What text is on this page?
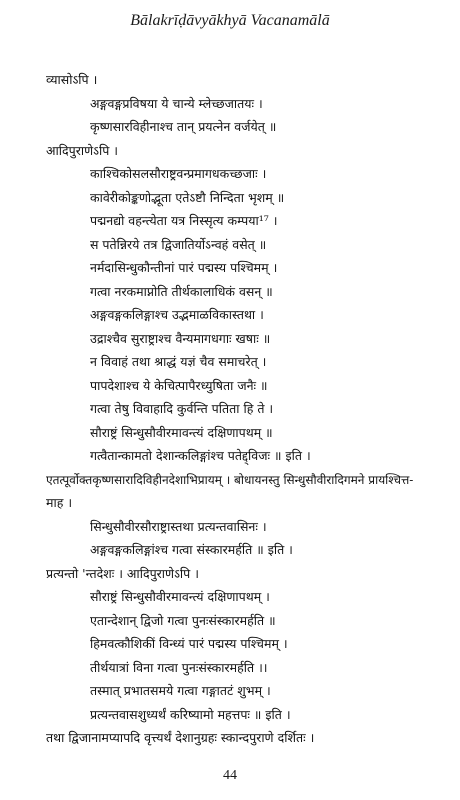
Bālakrīḍāvyākhyā Vacanamālā
व्यासोऽपि ।
अङ्गवङ्गप्रविषया ये चान्ये म्लेच्छजातयः ।
कृष्णसारविहीनाश्च तान् प्रयत्नेन वर्जयेत् ॥
आदिपुराणेऽपि ।
काश्चिकोसलसौराष्ट्रवन्प्रमागधकच्छजाः ।
कावेरीकोङ्कणोद्भूता एतेऽष्टौ निन्दिता भृशम् ॥
पद्मनद्यो वहन्त्येता यत्र निस्सृत्य कम्पया¹⁷ ।
स पतेन्निरये तत्र द्विजातिर्योऽन्वहं वसेत् ॥
नर्मदासिन्धुकौन्तीनां पारं पद्मस्य पश्चिमम् ।
गत्वा नरकमाप्नोति तीर्थकालाधिकं वसन् ॥
अङ्गवङ्गकलिङ्गाश्च उद्भमाळविकास्तथा ।
उद्राश्चैव सुराष्ट्राश्च वैन्यमागधगाः खषाः ॥
न विवाहं तथा श्राद्धं यज्ञं चैव समाचरेत् ।
पापदेशाश्च ये केचित्पापैरध्युषिता जनैः ॥
गत्वा तेषु विवाहादि कुर्वन्ति पतिता हि ते ।
सौराष्ट्रं सिन्धुसौवीरमावन्त्यं दक्षिणापथम् ॥
गत्वैतान्कामतो देशान्कलिङ्गांश्च पतेद्द्विजः ॥ इति ।
एतत्पूर्वोक्तकृष्णसारादिविहीनदेशाभिप्रायम् । बोधायनस्तु सिन्धुसौवीरादिगमने प्रायश्चित्त-
माह ।
सिन्धुसौवीरसौराष्ट्रास्तथा प्रत्यन्तवासिनः ।
अङ्गवङ्गकलिङ्गांश्च गत्वा संस्कारमर्हति ॥ इति ।
प्रत्यन्तो 'न्तदेशः । आदिपुराणेऽपि ।
सौराष्ट्रं सिन्धुसौवीरमावन्त्यं दक्षिणापथम् ।
एतान्देशान् द्विजो गत्वा पुनःसंस्कारमर्हति ॥
हिमवत्कौशिकीं विन्ध्यं पारं पद्मस्य पश्चिमम् ।
तीर्थयात्रां विना गत्वा पुनःसंस्कारमर्हति ।।
तस्मात् प्रभातसमये गत्वा गङ्गातटं शुभम् ।
प्रत्यन्तवासशुध्यर्थं करिष्यामो महत्तपः ॥ इति ।
तथा द्विजानामप्यापदि वृत्त्यर्थं देशानुग्रहः स्कान्दपुराणे दर्शितः ।
44
